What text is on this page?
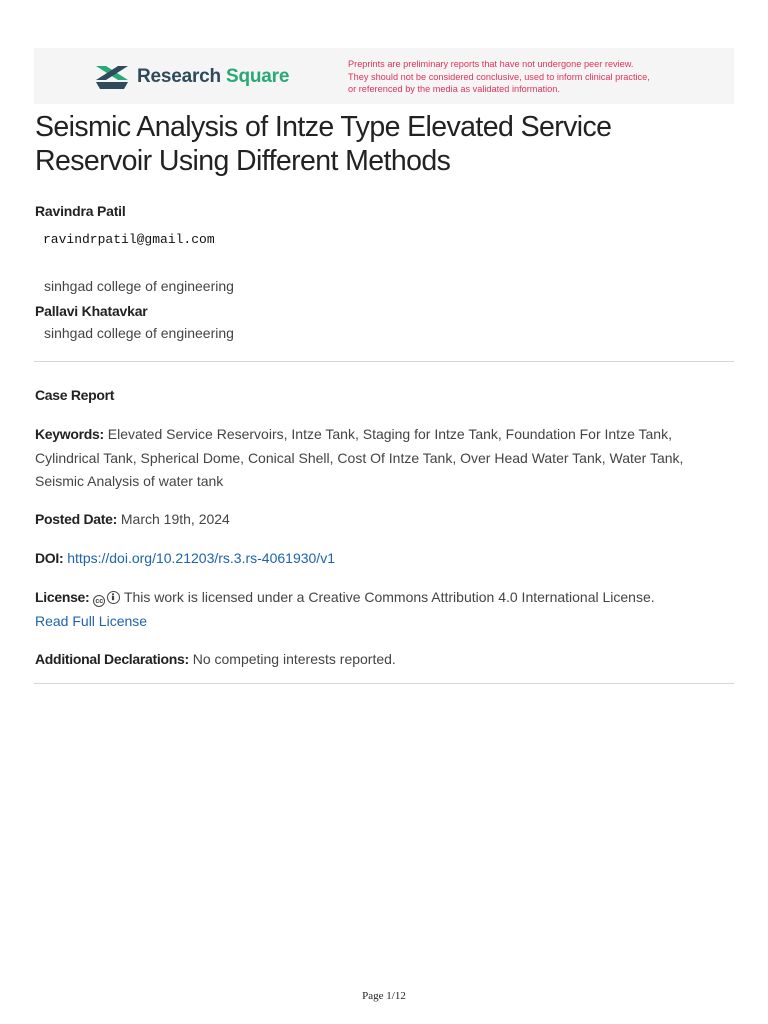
Research Square
Preprints are preliminary reports that have not undergone peer review.
They should not be considered conclusive, used to inform clinical practice,
or referenced by the media as validated information.
Seismic Analysis of Intze Type Elevated Service
Reservoir Using Different Methods
Ravindra Patil
ravindrpatil@gmail.com
sinhgad college of engineering
Pallavi Khatavkar
sinhgad college of engineering
Case Report
Keywords: Elevated Service Reservoirs, Intze Tank, Staging for Intze Tank, Foundation For Intze Tank, Cylindrical Tank, Spherical Dome, Conical Shell, Cost Of Intze Tank, Over Head Water Tank, Water Tank, Seismic Analysis of water tank
Posted Date: March 19th, 2024
DOI: https://doi.org/10.21203/rs.3.rs-4061930/v1
License: cc This work is licensed under a Creative Commons Attribution 4.0 International License.
Read Full License
Additional Declarations: No competing interests reported.
Page 1/12
